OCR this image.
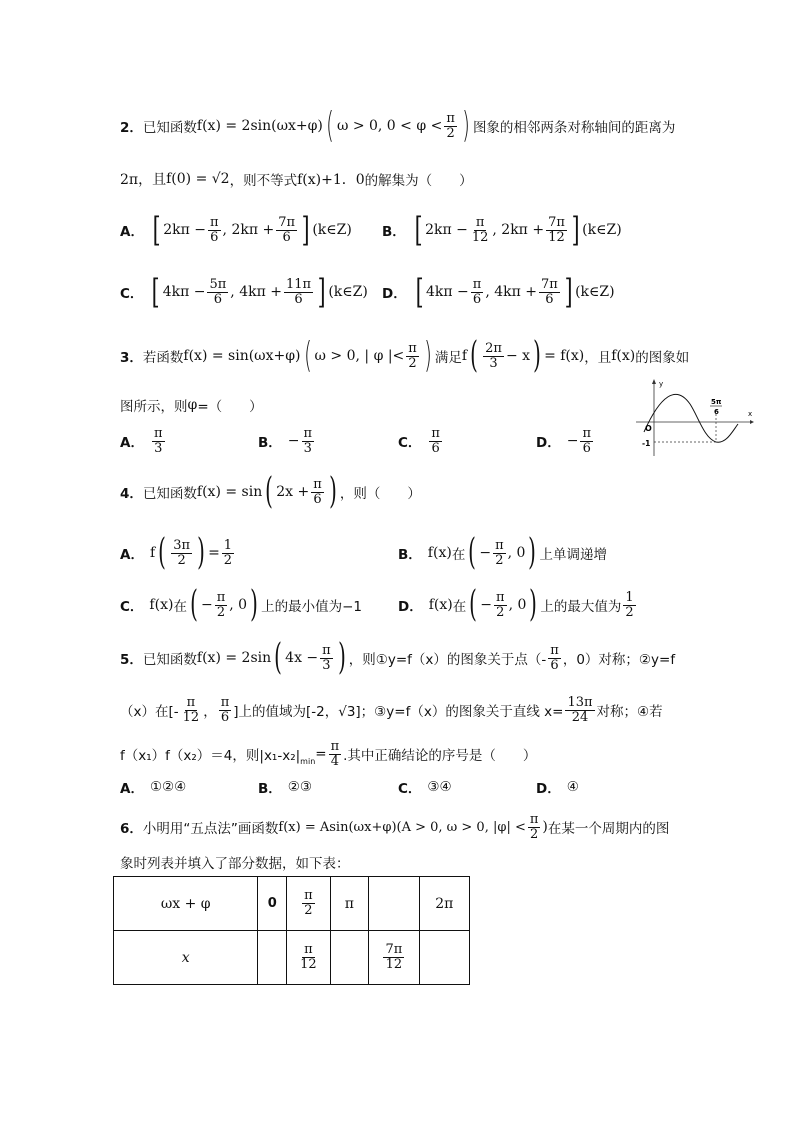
2． 已知函数 f(x) = 2sin(ωx+φ) ( ω > 0, $0 < \varphi < \frac{\pi}{2}$ ) 图象的相邻两条对称轴间的距离为
2π，且 f(0) = √2 ，则不等式 f(x)+1．0 的解集为（　　）
A． [ $2k\pi - \frac{\pi}{6}$ , $2k\pi + \frac{7\pi}{6}$ ] (k∈Z) B． [ $2k\pi - \frac{\pi}{12}$ , $2k\pi + \frac{7\pi}{12}$ ] (k∈Z)
C． [ $4k\pi - \frac{5\pi}{6}$ , $4k\pi + \frac{11\pi}{6}$ ] (k∈Z) D． [ $4k\pi - \frac{\pi}{6}$ , $4k\pi + \frac{7\pi}{6}$ ] (k∈Z)
3． 若函数 f(x) = sin(ωx+φ) ( ω > 0, | φ |< $\frac{\pi}{2}$ ) 满足 f ( $\frac{2\pi}{3} - x$ ) = f(x) ，且 f(x) 的图象如
图所示，则 φ =（　　）
A． $\frac{\pi}{3}$	B． − $\frac{\pi}{3}$	C． $\frac{\pi}{6}$	D． − $\frac{\pi}{6}$
y
x
O
-1
5π
6
4． 已知函数 f(x) = sin ( $2x + \frac{\pi}{6}$ ) ，则（　　）
A． f ( $\frac{3\pi}{2}$ ) = $\frac{1}{2}$	B． f(x) 在 ( − $\frac{\pi}{2}$ , 0 ) 上单调递增
C． f(x) 在 ( − $\frac{\pi}{2}$ , 0 ) 上的最小值为−1	D． f(x) 在 ( − $\frac{\pi}{2}$ , 0 ) 上的最大值为 $\frac{1}{2}$
5． 已知函数 f(x) = 2sin ( $4x - \frac{\pi}{3}$ ) ，则①y=f（x）的图象关于点（- $\frac{\pi}{6}$ ，0）对称；②y=f
（x）在[- $\frac{\pi}{12}$ ， $\frac{\pi}{6}$ ]上的值域为[-2，√3]；③y=f（x）的图象关于直线 $x= \frac{13\pi}{24}$ 对称；④若
f（x₁）f（x₂）＝4，则|x₁-x₂| $\min = \frac{\pi}{4}$ .其中正确结论的序号是（　　）
A． ①②④	B． ②③	C． ③④	D． ④
6． 小明用“五点法”画函数 f(x) = Asin(ωx+φ)(A > 0, ω > 0, $|\varphi| < \frac{\pi}{2}$ ) 在某一个周期内的图
象时列表并填入了部分数据，如下表：
ωx + φ	0	$\frac{\pi}{2}$	π		2π
x		$\frac{\pi}{12}$		$\frac{7\pi}{12}$
